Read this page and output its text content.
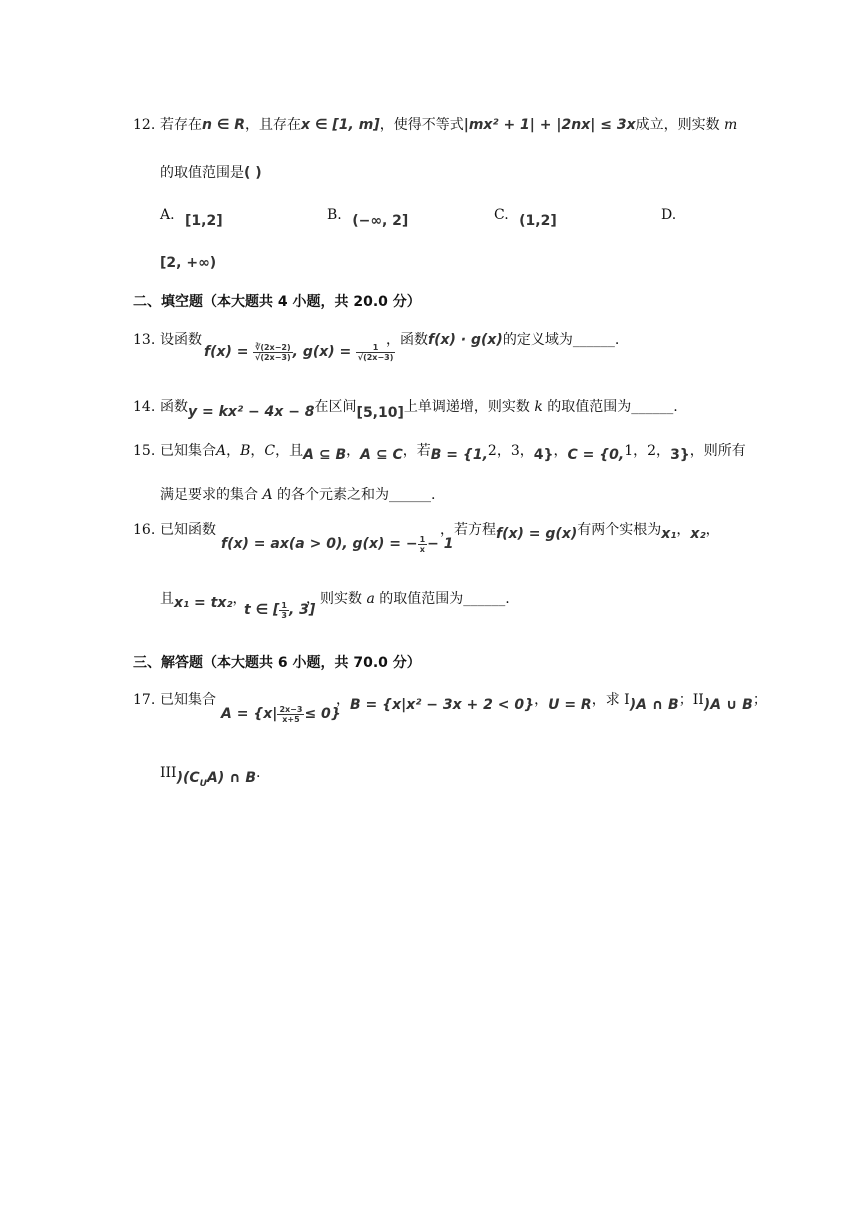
12. 若存在n ∈ R，且存在x ∈ [1, m]，使得不等式|mx² + 1| + |2nx| ≤ 3x成立，则实数 m
的取值范围是( )
A. [1,2]	B. (−∞, 2]	C. (1,2]	D.
[2, +∞)
二、填空题（本大题共 4 小题，共 20.0 分）
13. 设函数
$f(x) = \frac{∛(2x-2)}{√(2x-3)}$ , $g(x) = \frac{1}{√(2x-3)}$
，函数f(x) · g(x)的定义域为______.
14. 函数y = kx² − 4x − 8在区间[5,10]上单调递增，则实数 k 的取值范围为______.
15. 已知集合A，B，C，且A ⊆ B，A ⊆ C，若B = {1,2，3，4}，C = {0,1，2，3}，则所有
满足要求的集合 A 的各个元素之和为______.
16. 已知函数
f(x) = ax(a > 0), g(x) = − $\frac{1}{x} - 1$
，若方程f(x) = g(x)有两个实根为x₁，x₂，
且x₁ = tx₂，
t ∈ [ $\frac{1}{3}$ , 3]
，则实数 a 的取值范围为______.
三、解答题（本大题共 6 小题，共 70.0 分）
17. 已知集合
$A = \{x| \frac{2x-3}{x+5} \le 0\}$
，B = {x|x² − 3x + 2 < 0}，U = R，求 I)A ∩ B；II)A ∪ B；
$III)(C_UA)$ ∩ B.
